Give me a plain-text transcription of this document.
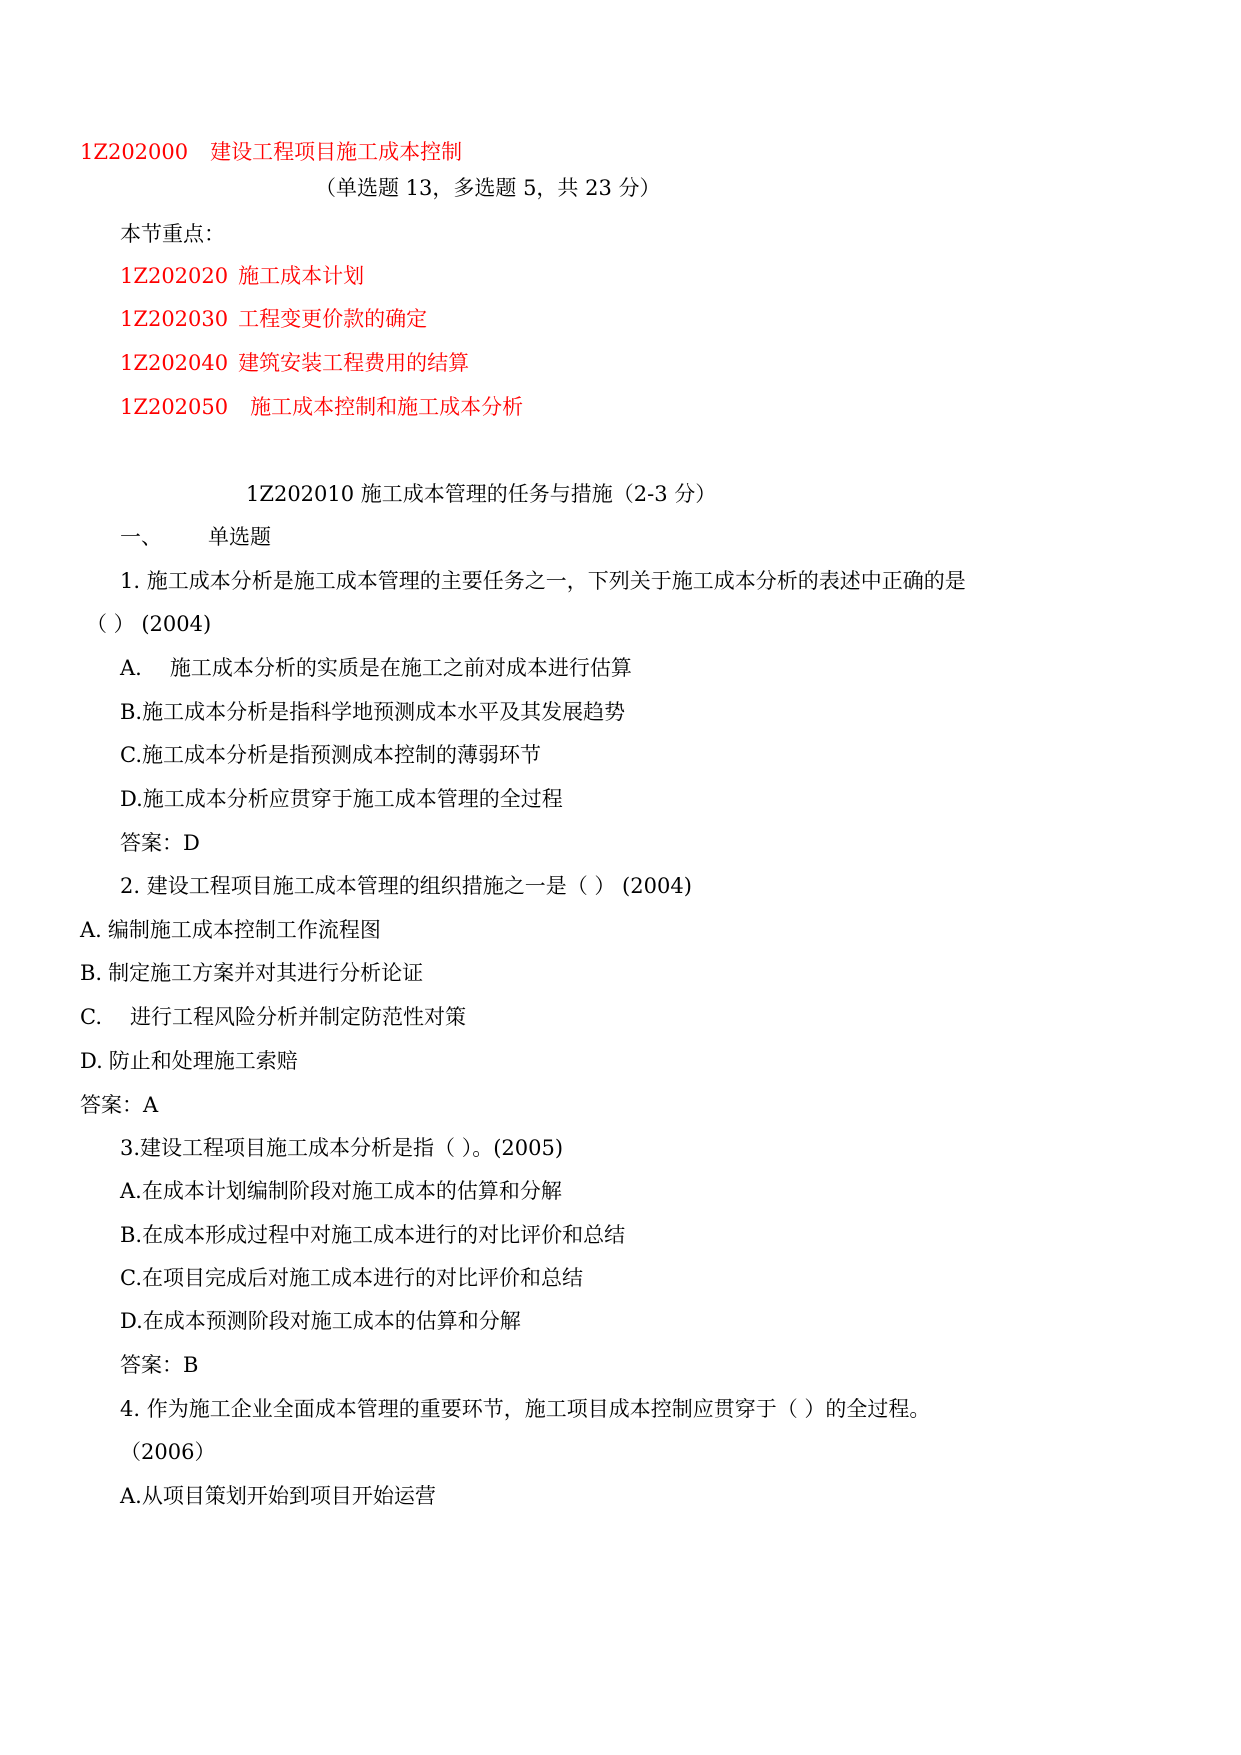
1Z202000 建设工程项目施工成本控制
（单选题 13，多选题 5，共 23 分）
本节重点：
1Z202020 施工成本计划
1Z202030 工程变更价款的确定
1Z202040 建筑安装工程费用的结算
1Z202050 施工成本控制和施工成本分析
1Z202010 施工成本管理的任务与措施（2-3 分）
一、 单选题
1. 施工成本分析是施工成本管理的主要任务之一，下列关于施工成本分析的表述中正确的是
（ ） (2004)
A. 施工成本分析的实质是在施工之前对成本进行估算
B.施工成本分析是指科学地预测成本水平及其发展趋势
C.施工成本分析是指预测成本控制的薄弱环节
D.施工成本分析应贯穿于施工成本管理的全过程
答案：D
2. 建设工程项目施工成本管理的组织措施之一是（ ） (2004)
A. 编制施工成本控制工作流程图
B. 制定施工方案并对其进行分析论证
C. 进行工程风险分析并制定防范性对策
D. 防止和处理施工索赔
答案：A
3.建设工程项目施工成本分析是指（ ）。(2005)
A.在成本计划编制阶段对施工成本的估算和分解
B.在成本形成过程中对施工成本进行的对比评价和总结
C.在项目完成后对施工成本进行的对比评价和总结
D.在成本预测阶段对施工成本的估算和分解
答案：B
4. 作为施工企业全面成本管理的重要环节，施工项目成本控制应贯穿于（ ）的全过程。
（2006）
A.从项目策划开始到项目开始运营
